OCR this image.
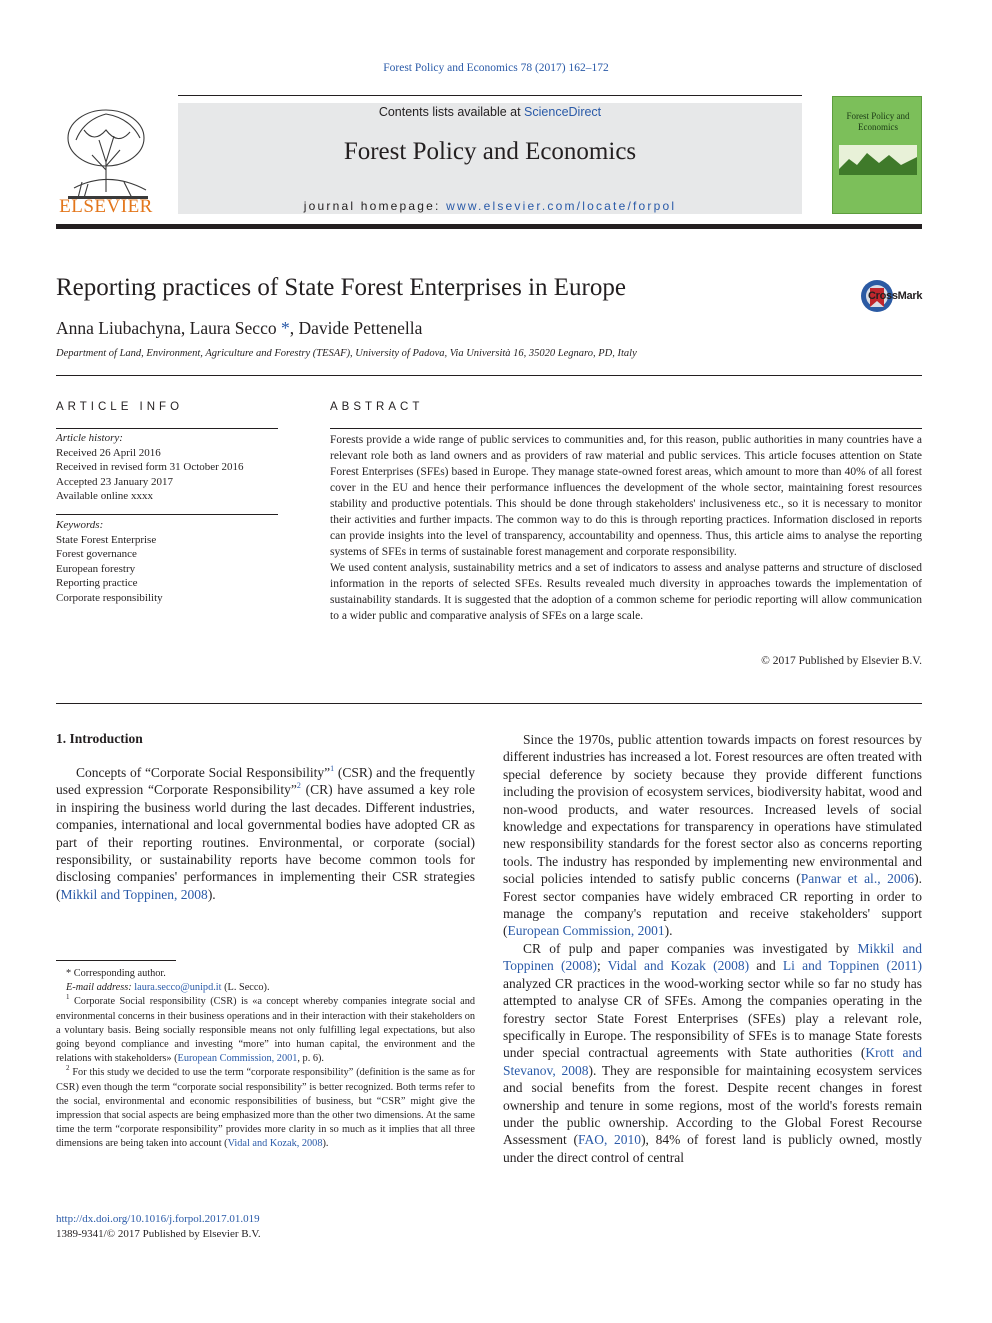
Forest Policy and Economics 78 (2017) 162–172
ELSEVIER
Contents lists available at ScienceDirect
Forest Policy and Economics
journal homepage: www.elsevier.com/locate/forpol
Forest Policy and Economics
Reporting practices of State Forest Enterprises in Europe	CrossMark
Anna Liubachyna, Laura Secco *, Davide Pettenella
Department of Land, Environment, Agriculture and Forestry (TESAF), University of Padova, Via Università 16, 35020 Legnaro, PD, Italy
ARTICLE INFO
Article history:
Received 26 April 2016
Received in revised form 31 October 2016
Accepted 23 January 2017
Available online xxxx
Keywords:
State Forest Enterprise
Forest governance
European forestry
Reporting practice
Corporate responsibility
ABSTRACT

Forests provide a wide range of public services to communities and, for this reason, public authorities in many countries have a relevant role both as land owners and as providers of raw material and public services. This article focuses attention on State Forest Enterprises (SFEs) based in Europe. They manage state-owned forest areas, which amount to more than 40% of all forest cover in the EU and hence their performance influences the development of the whole sector, maintaining forest resources stability and productive potentials. This should be done through stakeholders' inclusiveness etc., so it is necessary to monitor their activities and further impacts. The common way to do this is through reporting practices. Information disclosed in reports can provide insights into the level of transparency, accountability and openness. Thus, this article aims to analyse the reporting systems of SFEs in terms of sustainable forest management and corporate responsibility.

We used content analysis, sustainability metrics and a set of indicators to assess and analyse patterns and structure of disclosed information in the reports of selected SFEs. Results revealed much diversity in approaches towards the implementation of sustainability standards. It is suggested that the adoption of a common scheme for periodic reporting will allow communication to a wider public and comparative analysis of SFEs on a large scale.

© 2017 Published by Elsevier B.V.
1. Introduction

Concepts of “Corporate Social Responsibility”$^1$ (CSR) and the frequently used expression “Corporate Responsibility”$^2$ (CR) have assumed a key role in inspiring the business world during the last decades. Different industries, companies, international and local governmental bodies have adopted CR as part of their reporting routines. Environmental, or corporate (social) responsibility, or sustainability reports have become common tools for disclosing companies' performances in implementing their CSR strategies (Mikkil and Toppinen, 2008).

Since the 1970s, public attention towards impacts on forest resources by different industries has increased a lot. Forest resources are often treated with special deference by society because they provide different functions including the provision of ecosystem services, biodiversity habitat, wood and non-wood products, and water resources. Increased levels of social knowledge and expectations for transparency in operations have stimulated new responsibility standards for the forest sector also as concerns reporting tools. The industry has responded by implementing new environmental and social policies intended to satisfy public concerns (Panwar et al., 2006). Forest sector companies have widely embraced CR reporting in order to manage the company's reputation and receive stakeholders' support (European Commission, 2001).

CR of pulp and paper companies was investigated by Mikkil and Toppinen (2008); Vidal and Kozak (2008) and Li and Toppinen (2011) analyzed CR practices in the wood-working sector while so far no study has attempted to analyse CR of SFEs. Among the companies operating in the forestry sector State Forest Enterprises (SFEs) play a relevant role, specifically in Europe. The responsibility of SFEs is to manage State forests under special contractual agreements with State authorities (Krott and Stevanov, 2008). They are responsible for maintaining ecosystem services and social benefits from the forest. Despite recent changes in forest ownership and tenure in some regions, most of the world's forests remain under the public ownership. According to the Global Forest Recourse Assessment (FAO, 2010), 84% of forest land is publicly owned, mostly under the direct control of central

* Corresponding author.

E-mail address: laura.secco@unipd.it (L. Secco).

$^1$ Corporate Social responsibility (CSR) is «a concept whereby companies integrate social and environmental concerns in their business operations and in their interaction with their stakeholders on a voluntary basis. Being socially responsible means not only fulfilling legal expectations, but also going beyond compliance and investing “more” into human capital, the environment and the relations with stakeholders» (European Commission, 2001, p. 6).

$^2$ For this study we decided to use the term “corporate responsibility” (definition is the same as for CSR) even though the term “corporate social responsibility” is better recognized. Both terms refer to the social, environmental and economic responsibilities of business, but “CSR” might give the impression that social aspects are being emphasized more than the other two dimensions. At the same time the term “corporate responsibility” provides more clarity in so much as it implies that all three dimensions are being taken into account (Vidal and Kozak, 2008).

http://dx.doi.org/10.1016/j.forpol.2017.01.019
1389-9341/© 2017 Published by Elsevier B.V.
